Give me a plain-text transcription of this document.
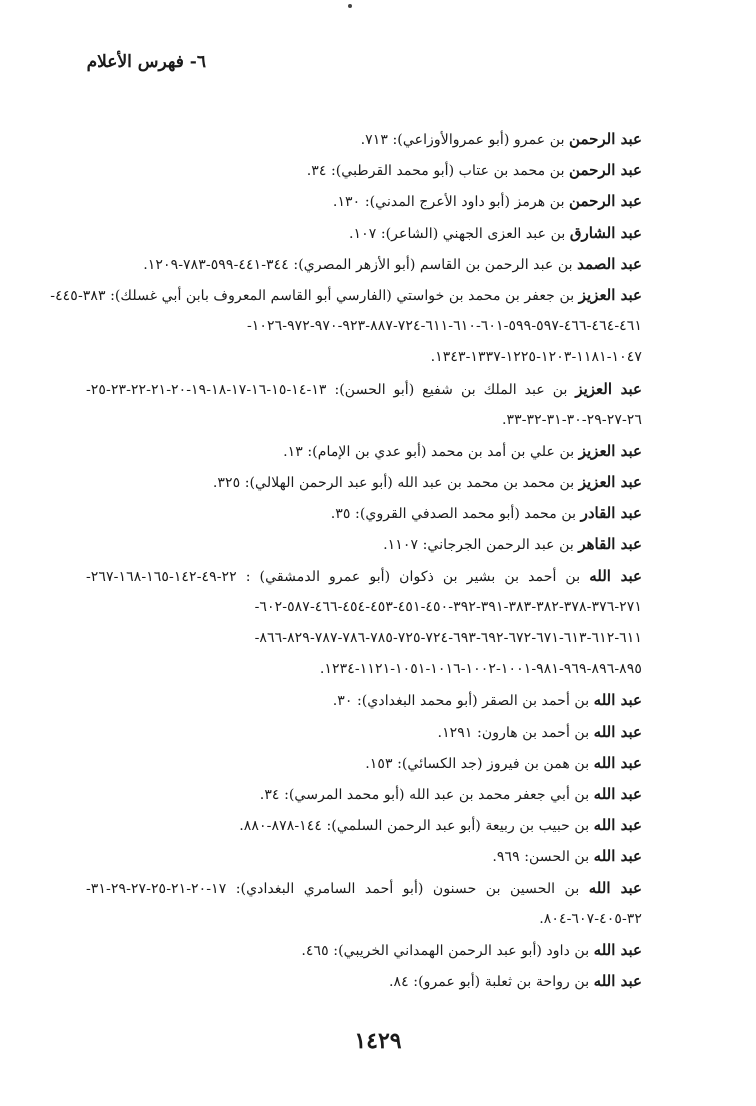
٦- فهرس الأعلام
عبد الرحمن بن عمرو (أبو عمروالأوزاعي): ٧١٣.
عبد الرحمن بن محمد بن عتاب (أبو محمد القرطبي): ٣٤.
عبد الرحمن بن هرمز (أبو داود الأعرج المدني): ١٣٠.
عبد الشارق بن عبد العزى الجهني (الشاعر): ١٠٧.
عبد الصمد بن عبد الرحمن بن القاسم (أبو الأزهر المصري): ٣٤٤-٤٤١-٥٩٩-٧٨٣-١٢٠٩.
عبد العزيز بن جعفر بن محمد بن خواستي (الفارسي أبو القاسم المعروف بابن أبي غسلك): ٣٨٣-٤٤٥-
٤٦١-٤٦٤-٤٦٦-٥٩٧-٥٩٩-٦٠١-٦١٠-٦١١-٧٢٤-٨٨٧-٩٢٣-٩٧٠-٩٧٢-١٠٢٦-
١٠٤٧-١١٨١-١٢٠٣-١٢٢٥-١٣٣٧-١٣٤٣.
عبد العزيز بن عبد الملك بن شفيع (أبو الحسن): ١٣-١٤-١٥-١٦-١٧-١٨-١٩-٢٠-٢١-٢٢-٢٣-٢٥-
٢٦-٢٧-٢٩-٣٠-٣١-٣٢-٣٣.
عبد العزيز بن علي بن أمد بن محمد (أبو عدي بن الإمام): ١٣.
عبد العزيز بن محمد بن محمد بن عبد الله (أبو عبد الرحمن الهلالي): ٣٢٥.
عبد القادر بن محمد (أبو محمد الصدفي القروي): ٣٥.
عبد القاهر بن عبد الرحمن الجرجاني: ١١٠٧.
عبد الله بن أحمد بن بشير بن ذكوان (أبو عمرو الدمشقي) : ٢٢-٤٩-١٤٢-١٦٥-١٦٨-٢٦٧-
٢٧١-٣٧٦-٣٧٨-٣٨٢-٣٨٣-٣٩١-٣٩٢-٤٥٠-٤٥١-٤٥٣-٤٥٤-٤٦٦-٥٨٧-٦٠٢-
٦١١-٦١٢-٦١٣-٦٧١-٦٧٢-٦٩٢-٦٩٣-٧٢٤-٧٢٥-٧٨٥-٧٨٦-٧٨٧-٨٢٩-٨٦٦-
٨٩٥-٨٩٦-٩٦٩-٩٨١-١٠٠١-١٠٠٢-١٠١٦-١٠٥١-١١٢١-١٢٣٤.
عبد الله بن أحمد بن الصقر (أبو محمد البغدادي): ٣٠.
عبد الله بن أحمد بن هارون: ١٢٩١.
عبد الله بن همن بن فيروز (جد الكسائي): ١٥٣.
عبد الله بن أبي جعفر محمد بن عبد الله (أبو محمد المرسي): ٣٤.
عبد الله بن حبيب بن ربيعة (أبو عبد الرحمن السلمي): ١٤٤-٨٧٨-٨٨٠.
عبد الله بن الحسن: ٩٦٩.
عبد الله بن الحسين بن حسنون (أبو أحمد السامري البغدادي): ١٧-٢٠-٢١-٢٥-٢٧-٢٩-٣١-
٣٢-٤٠٥-٦٠٧-٨٠٤.
عبد الله بن داود (أبو عبد الرحمن الهمداني الخريبي): ٤٦٥.
عبد الله بن رواحة بن ثعلبة (أبو عمرو): ٨٤.
١٤٢٩
